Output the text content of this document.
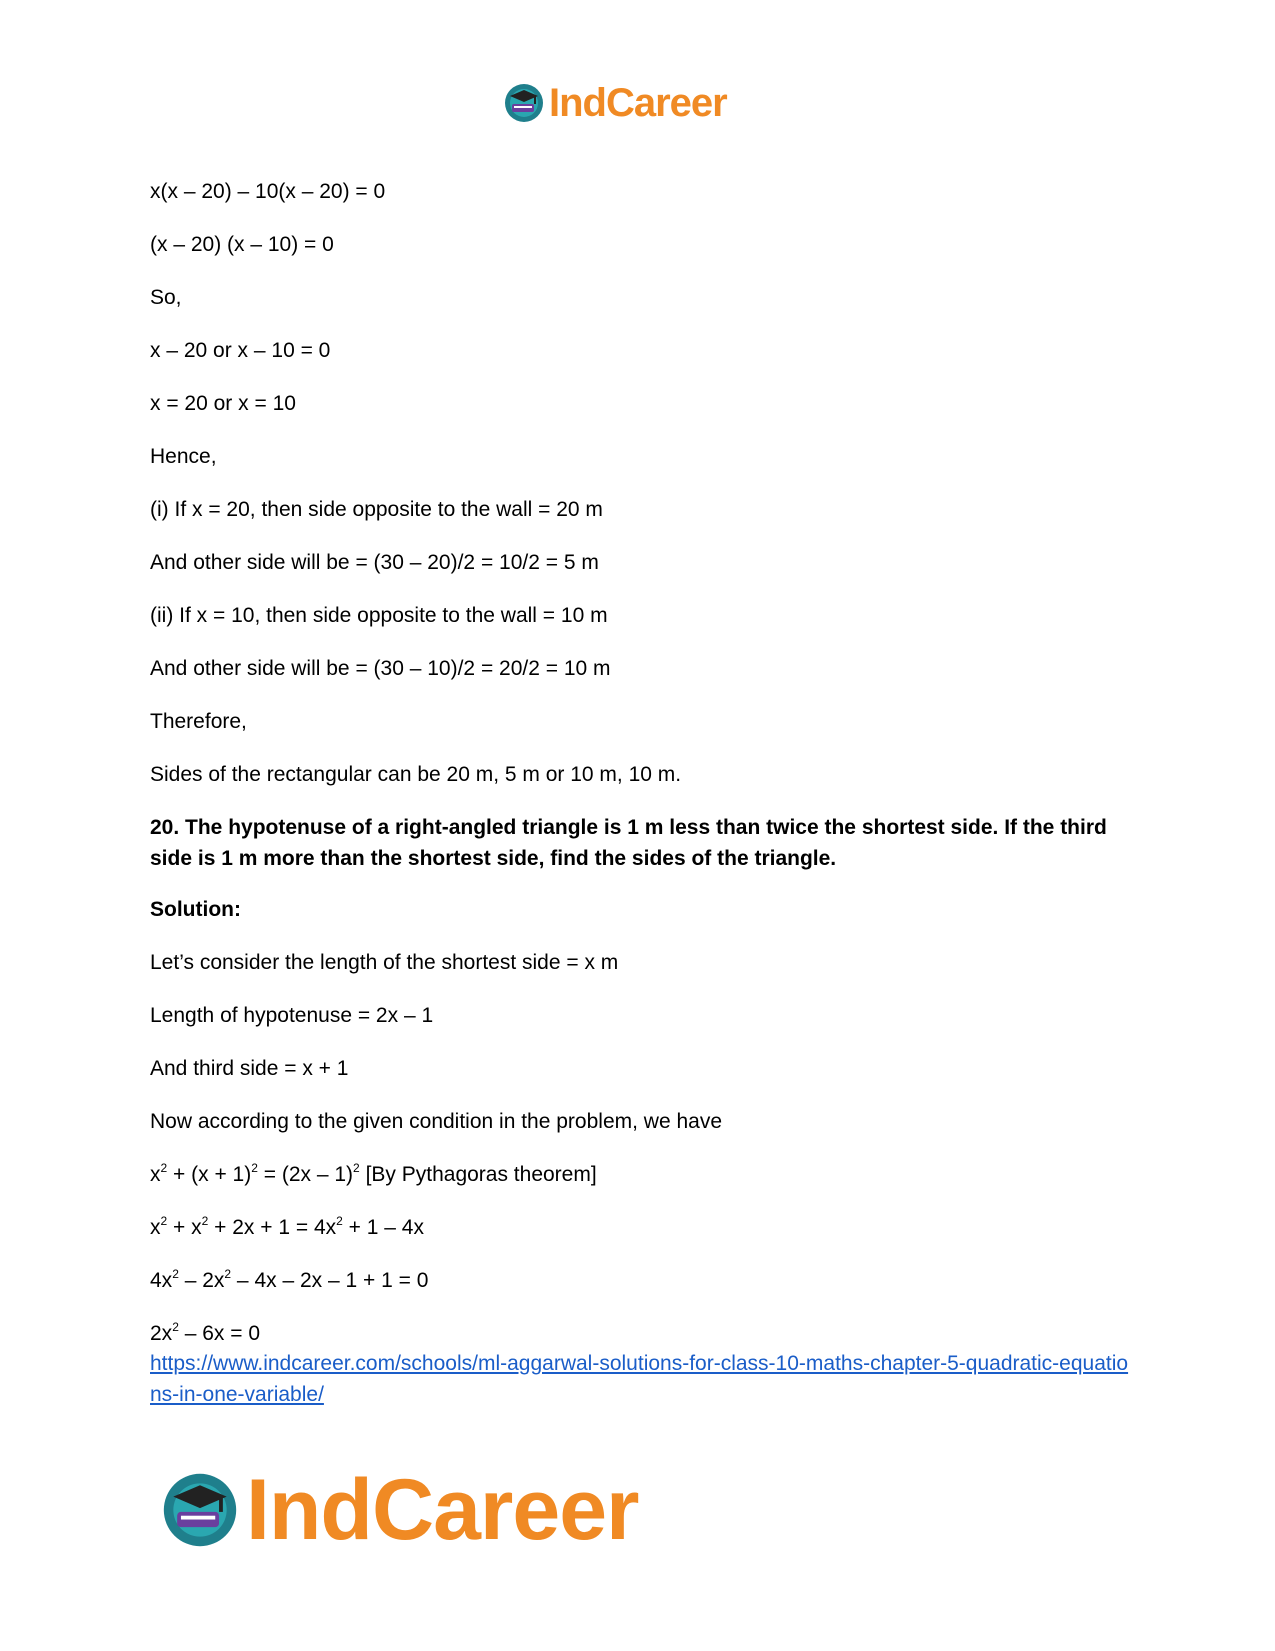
IndCareer
x(x – 20) – 10(x – 20) = 0
(x – 20) (x – 10) = 0
So,
x – 20 or x – 10 = 0
x = 20 or x = 10
Hence,
(i) If x = 20, then side opposite to the wall = 20 m
And other side will be = (30 – 20)/2 = 10/2 = 5 m
(ii) If x = 10, then side opposite to the wall = 10 m
And other side will be = (30 – 10)/2 = 20/2 = 10 m
Therefore,
Sides of the rectangular can be 20 m, 5 m or 10 m, 10 m.
20. The hypotenuse of a right-angled triangle is 1 m less than twice the shortest side. If the third side is 1 m more than the shortest side, find the sides of the triangle.
Solution:
Let’s consider the length of the shortest side = x m
Length of hypotenuse = 2x – 1
And third side = x + 1
Now according to the given condition in the problem, we have
$x^2 + (x + 1)^2 = (2x - 1)^2$ [By Pythagoras theorem]
$x^2 + x^2 + 2x + 1 = 4x^2 + 1 - 4x$
$4x^2 - 2x^2 - 4x - 2x - 1 + 1 = 0$
$2x^2 - 6x = 0$
https://www.indcareer.com/schools/ml-aggarwal-solutions-for-class-10-maths-chapter-5-quadratic-equations-in-one-variable/
IndCareer
